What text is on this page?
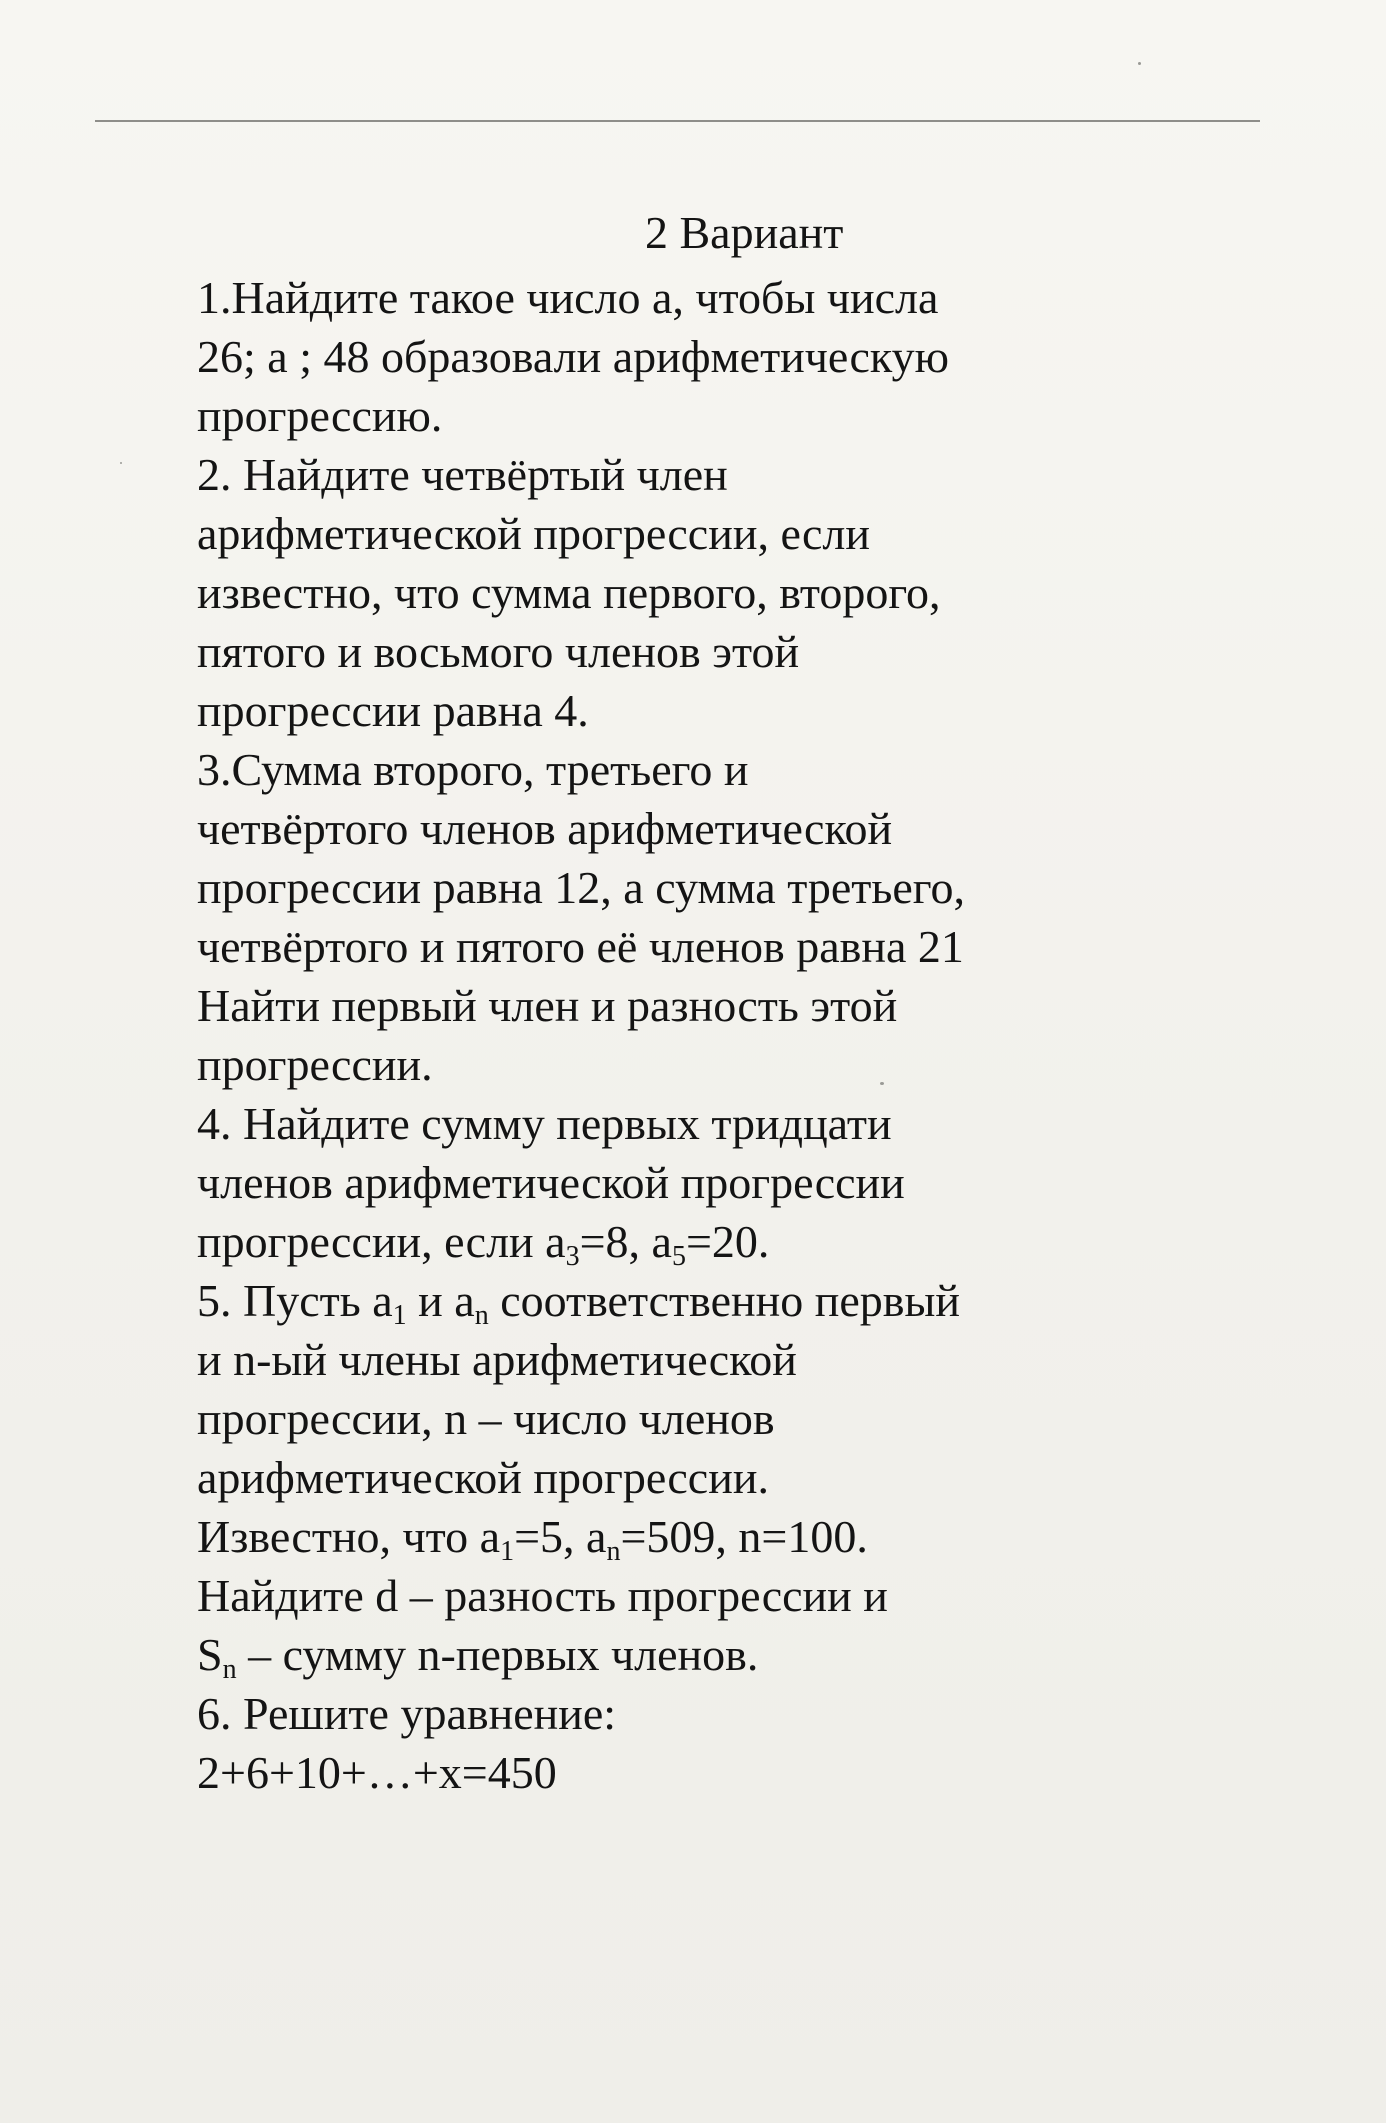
2 Вариант
1.Найдите такое число а, чтобы числа
26; а ; 48 образовали арифметическую
прогрессию.
2. Найдите четвёртый член
арифметической прогрессии, если
известно, что сумма первого, второго,
пятого и восьмого членов этой
прогрессии равна 4.
3.Сумма второго, третьего и
четвёртого членов арифметической
прогрессии равна 12, а сумма третьего,
четвёртого и пятого её членов равна 21
Найти первый член и разность этой
прогрессии.
4. Найдите сумму первых тридцати
членов арифметической прогрессии
прогрессии, если $а_3=8$, $а_5=20$.
5. Пусть $а_1$ и $а_n$ соответственно первый
и n-ый члены арифметической
прогрессии, n – число членов
арифметической прогрессии.
Известно, что $а_1=5$, $а_n=509$, n=100.
Найдите d – разность прогрессии и
$S_n$ – сумму n-первых членов.
6. Решите уравнение:
2+6+10+…+х=450
